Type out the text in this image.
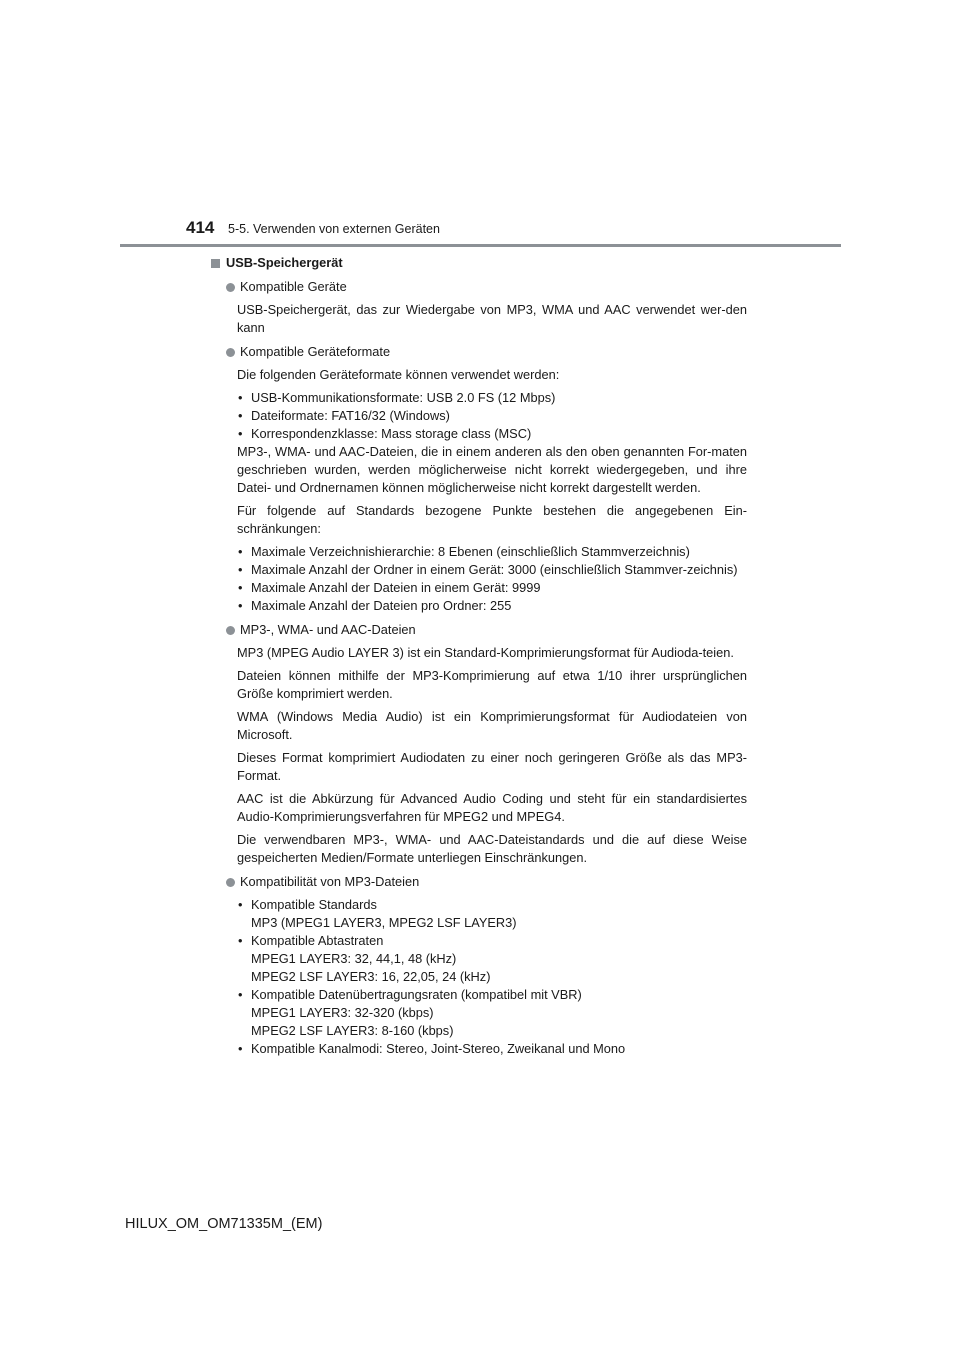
414 5-5. Verwenden von externen Geräten
USB-Speichergerät
Kompatible Geräte
USB-Speichergerät, das zur Wiedergabe von MP3, WMA und AAC verwendet wer-den kann
Kompatible Geräteformate
Die folgenden Geräteformate können verwendet werden:
• USB-Kommunikationsformate: USB 2.0 FS (12 Mbps)
• Dateiformate: FAT16/32 (Windows)
• Korrespondenzklasse: Mass storage class (MSC)
MP3-, WMA- und AAC-Dateien, die in einem anderen als den oben genannten For-maten geschrieben wurden, werden möglicherweise nicht korrekt wiedergegeben, und ihre Datei- und Ordnernamen können möglicherweise nicht korrekt dargestellt werden.
Für folgende auf Standards bezogene Punkte bestehen die angegebenen Ein-schränkungen:
• Maximale Verzeichnishierarchie: 8 Ebenen (einschließlich Stammverzeichnis)
• Maximale Anzahl der Ordner in einem Gerät: 3000 (einschließlich Stammver-zeichnis)
• Maximale Anzahl der Dateien in einem Gerät: 9999
• Maximale Anzahl der Dateien pro Ordner: 255
MP3-, WMA- und AAC-Dateien
MP3 (MPEG Audio LAYER 3) ist ein Standard-Komprimierungsformat für Audioda-teien.
Dateien können mithilfe der MP3-Komprimierung auf etwa 1/10 ihrer ursprünglichen Größe komprimiert werden.
WMA (Windows Media Audio) ist ein Komprimierungsformat für Audiodateien von Microsoft.
Dieses Format komprimiert Audiodaten zu einer noch geringeren Größe als das MP3-Format.
AAC ist die Abkürzung für Advanced Audio Coding und steht für ein standardisiertes Audio-Komprimierungsverfahren für MPEG2 und MPEG4.
Die verwendbaren MP3-, WMA- und AAC-Dateistandards und die auf diese Weise gespeicherten Medien/Formate unterliegen Einschränkungen.
Kompatibilität von MP3-Dateien
• Kompatible Standards
MP3 (MPEG1 LAYER3, MPEG2 LSF LAYER3)
• Kompatible Abtastraten
MPEG1 LAYER3: 32, 44,1, 48 (kHz)
MPEG2 LSF LAYER3: 16, 22,05, 24 (kHz)
• Kompatible Datenübertragungsraten (kompatibel mit VBR)
MPEG1 LAYER3: 32-320 (kbps)
MPEG2 LSF LAYER3: 8-160 (kbps)
• Kompatible Kanalmodi: Stereo, Joint-Stereo, Zweikanal und Mono
HILUX_OM_OM71335M_(EM)
